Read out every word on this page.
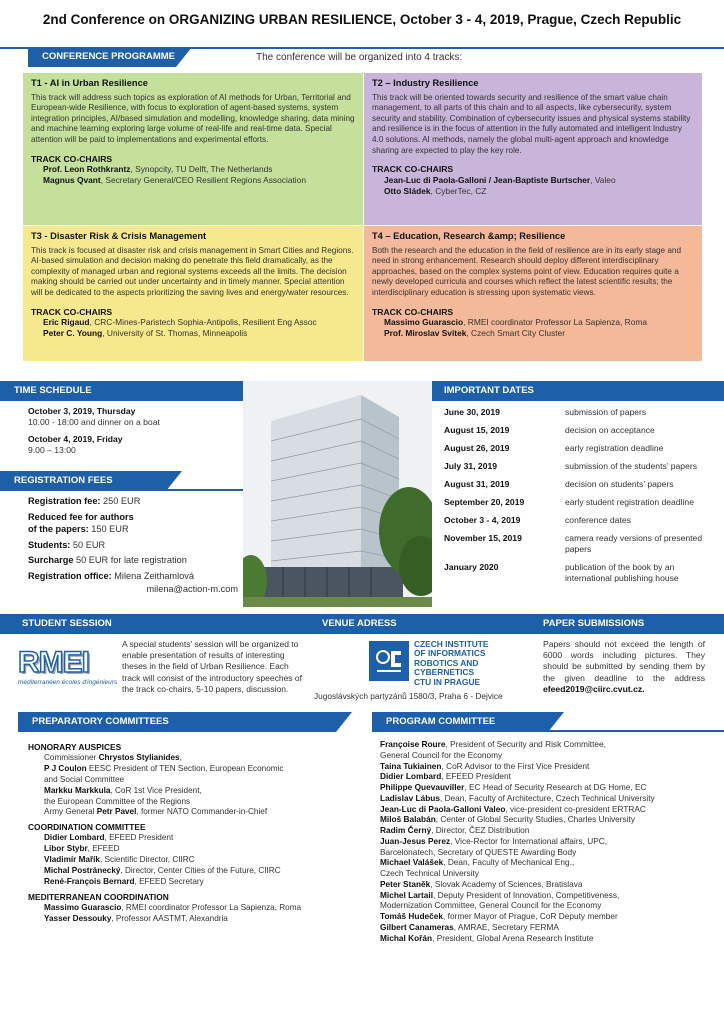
2nd Conference on ORGANIZING URBAN RESILIENCE, October 3 - 4, 2019, Prague, Czech Republic
CONFERENCE PROGRAMME	The conference will be organized into 4 tracks:
T1 - AI in Urban Resilience

This track will address such topics as exploration of AI methods for Urban, Territorial and European-wide Resilience, with focus to exploration of agent-based systems, system integration principles, AI/based simulation and modelling, knowledge sharing, data mining and machine learning exploring large volume of real-life and real-time data. Special attention will be paid to implementations and experimental efforts.

TRACK CO-CHAIRS
Prof. Leon Rothkrantz, Synopcity, TU Delft, The Netherlands
Magnus Qvant, Secretary General/CEO Resilient Regions Association
T2 – Industry Resilience

This track will be oriented towards security and resilience of the smart value chain management, to all parts of this chain and to all aspects, like cybersecurity, system security and stability. Combination of cybersecurity issues and physical systems stability and resilience is in the focus of attention in the fully automated and intelligent Industry 4.0 solutions. AI methods, namely the global multi-agent approach and knowledge sharing are expected to play the key role.

TRACK CO-CHAIRS
Jean-Luc di Paola-Galloni / Jean-Baptiste Burtscher, Valeo
Otto Sládek, CyberTec, CZ
T3 - Disaster Risk & Crisis Management

This track is focused at disaster risk and crisis management in Smart Cities and Regions. AI-based simulation and decision making do penetrate this field dramatically, as the complexity of managed urban and regional systems exceeds all the limits. The decision making should be carried out under uncertainty and in timely manner. Special attention will be dedicated to the aspects prioritizing the saving lives and energy/water resources.

TRACK CO-CHAIRS
Eric Rigaud, CRC-Mines-Paristech Sophia-Antipolis, Resilient Eng Assoc
Peter C. Young, University of St. Thomas, Minneapolis
T4 – Education, Research &amp; Resilience

Both the research and the education in the field of resilience are in its early stage and need in strong enhancement. Research should deploy different interdisciplinary approaches, based on the complex systems point of view. Education requires quite a newly developed curricula and courses which reflect the latest scientific results; the interdisciplinary education is stressing upon systematic views.

TRACK CO-CHAIRS
Massimo Guarascio, RMEI coordinator Professor La Sapienza, Roma
Prof. Miroslav Svitek, Czech Smart City Cluster
TIME SCHEDULE
October 3, 2019, Thursday
10.00 - 18:00 and dinner on a boat
October 4, 2019, Friday
9.00 – 13:00
REGISTRATION FEES
Registration fee: 250 EUR
Reduced fee for authors
of the papers: 150 EUR
Students: 50 EUR
Surcharge 50 EUR for late registration
Registration office: Milena Zeithamlová
milena@action-m.com
IMPORTANT DATES
June 30, 2019	submission of papers
August 15, 2019	decision on acceptance
August 26, 2019	early registration deadline
July 31, 2019	submission of the students’ papers
August 31, 2019	decision on students’ papers
September 20, 2019	early student registration deadline
October 3 - 4, 2019	conference dates
November 15, 2019	camera ready versions of presented papers
January 2020	publication of the book by an international publishing house
STUDENT SESSION	VENUE ADRESS	PAPER SUBMISSIONS
RMEI
méditerranéen écoles d'ingénieurs
A special students’ session will be organized to enable presentation of results of interesting theses in the field of Urban Resilience. Each track will consist of the introductory speeches of the track co-chairs, 5-10 papers, discussion.
CZECH INSTITUTE
OF INFORMATICS
ROBOTICS AND
CYBERNETICS
CTU IN PRAGUE
Jugoslávských partyzánů 1580/3, Praha 6 - Dejvice
Papers should not exceed the length of 6000 words including pictures. They should be submitted by sending them by the given deadline to the address efeed2019@ciirc.cvut.cz.
PREPARATORY COMMITTEES
HONORARY AUSPICES
Commissioner Chrystos Stylianides,
P J Coulon EESC President of TEN Section, European Economic
and Social Committee
Markku Markkula, CoR 1st Vice President,
the European Committee of the Regions
Army General Petr Pavel, former NATO Commander-in-Chief
COORDINATION COMMITTEE
Didier Lombard, EFEED President
Libor Stybr, EFEED
Vladimír Mařík, Scientific Director, CIIRC
Michal Postránecký, Director, Center Cities of the Future, CIIRC
René-François Bernard, EFEED Secretary
MEDITERRANEAN COORDINATION
Massimo Guarascio, RMEI coordinator Professor La Sapienza, Roma
Yasser Dessouky, Professor AASTMT, Alexandria
PROGRAM COMMITTEE
Françoise Roure, President of Security and Risk Committee,
General Council for the Economy
Taina Tukiainen, CoR Advisor to the First Vice President
Didier Lombard, EFEED President
Philippe Quevauviller, EC Head of Security Research at DG Home, EC
Ladislav Lábus, Dean, Faculty of Architecture, Czech Technical University
Jean-Luc di Paola-Galloni Valeo, vice-president co-president ERTRAC
Miloš Balabán, Center of Global Security Studies, Charles University
Radim Černý, Director, ČEZ Distribution
Juan-Jesus Perez, Vice-Rector for International affairs, UPC,
Barcelonatech, Secretary of QUESTE Awarding Body
Michael Valášek, Dean, Faculty of Mechanical Eng.,
Czech Technical University
Peter Staněk, Slovak Academy of Sciences, Bratislava
Michel Lartail, Deputy President of Innovation, Competitiveness,
Modernization Committee, General Council for the Economy
Tomáš Hudeček, former Mayor of Prague, CoR Deputy member
Gilbert Canameras, AMRAE, Secretary FERMA
Michal Kořán, President, Global Arena Research Institute
